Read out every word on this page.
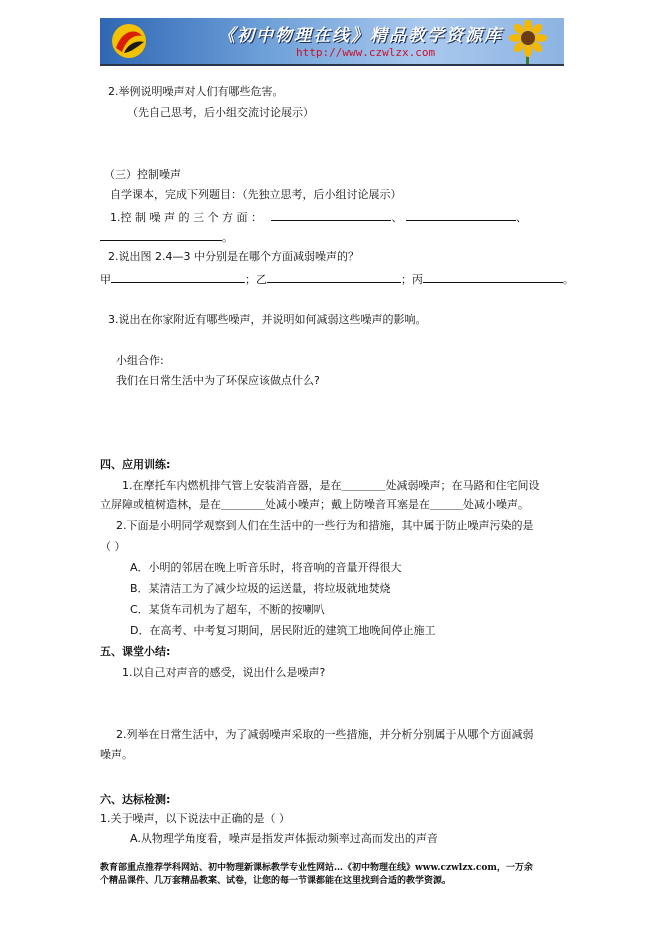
《初中物理在线》精品教学资源库
http://www.czwlzx.com
2.举例说明噪声对人们有哪些危害。
（先自己思考，后小组交流讨论展示）
（三）控制噪声
自学课本，完成下列题目：（先独立思考，后小组讨论展示）
1.控 制 噪 声 的 三 个 方 面 ：	、	、
。
2.说出图 2.4—3 中分别是在哪个方面减弱噪声的？
甲	；乙	；丙	。
3.说出在你家附近有哪些噪声，并说明如何减弱这些噪声的影响。
小组合作:
我们在日常生活中为了环保应该做点什么?
四、应用训练:
1.在摩托车内燃机排气管上安装消音器，是在＿＿＿＿处减弱噪声；在马路和住宅间设
立屏障或植树造林，是在＿＿＿＿处减小噪声；戴上防噪音耳塞是在＿＿＿处减小噪声。
2.下面是小明同学观察到人们在生活中的一些行为和措施，其中属于防止噪声污染的是
（ ）
A．小明的邻居在晚上听音乐时，将音响的音量开得很大
B．某清洁工为了减少垃圾的运送量，将垃圾就地焚烧
C．某货车司机为了超车，不断的按喇叭
D．在高考、中考复习期间，居民附近的建筑工地晚间停止施工
五、课堂小结:
1.以自己对声音的感受，说出什么是噪声?
2.列举在日常生活中，为了减弱噪声采取的一些措施，并分析分别属于从哪个方面减弱
噪声。
六、达标检测:
1.关于噪声，以下说法中正确的是（ ）
A.从物理学角度看，噪声是指发声体振动频率过高而发出的声音
教育部重点推荐学科网站、初中物理新课标教学专业性网站…《初中物理在线》www.czwlzx.com，一万余
个精品课件、几万套精品教案、试卷，让您的每一节课都能在这里找到合适的教学资源。
